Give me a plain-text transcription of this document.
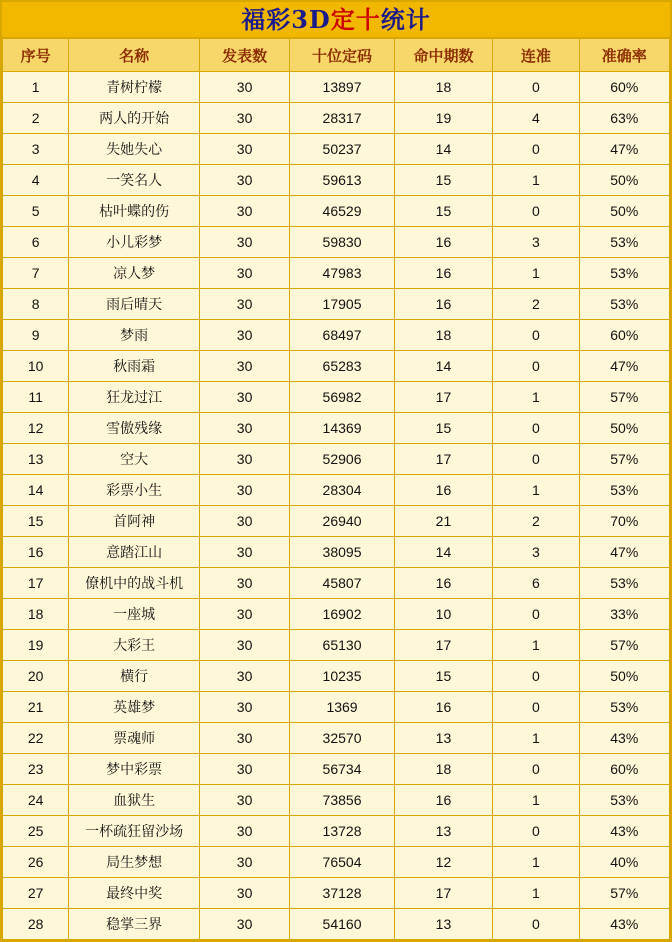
福彩3D定十统计
序号	名称	发表数	十位定码	命中期数	连准	准确率
1	青树柠檬	30	13897	18	0	60%
2	两人的开始	30	28317	19	4	63%
3	失她失心	30	50237	14	0	47%
4	一笑名人	30	59613	15	1	50%
5	枯叶蝶的伤	30	46529	15	0	50%
6	小儿彩梦	30	59830	16	3	53%
7	凉人梦	30	47983	16	1	53%
8	雨后晴天	30	17905	16	2	53%
9	梦雨	30	68497	18	0	60%
10	秋雨霜	30	65283	14	0	47%
11	狂龙过江	30	56982	17	1	57%
12	雪傲残缘	30	14369	15	0	50%
13	空大	30	52906	17	0	57%
14	彩票小生	30	28304	16	1	53%
15	首阿神	30	26940	21	2	70%
16	意踏江山	30	38095	14	3	47%
17	僚机中的战斗机	30	45807	16	6	53%
18	一座城	30	16902	10	0	33%
19	大彩王	30	65130	17	1	57%
20	横行	30	10235	15	0	50%
21	英雄梦	30	1369	16	0	53%
22	票魂师	30	32570	13	1	43%
23	梦中彩票	30	56734	18	0	60%
24	血狱生	30	73856	16	1	53%
25	一杯疏狂留沙场	30	13728	13	0	43%
26	局生梦想	30	76504	12	1	40%
27	最终中奖	30	37128	17	1	57%
28	稳掌三界	30	54160	13	0	43%
